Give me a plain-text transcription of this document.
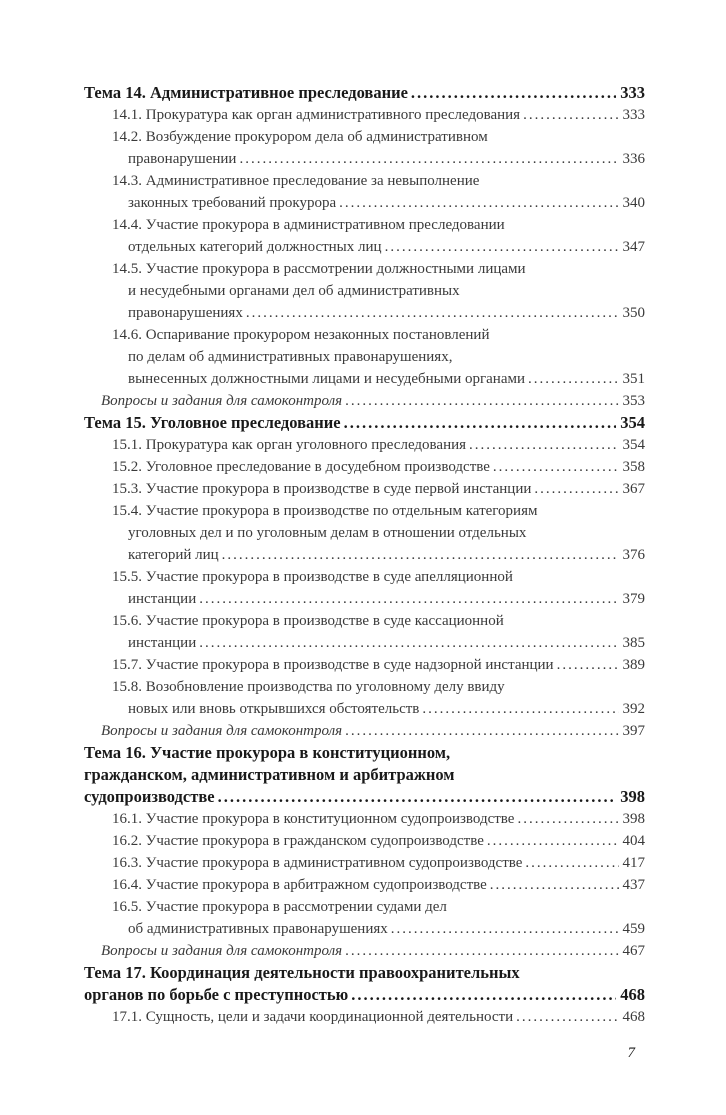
Тема 14. Административное преследование .....	333
14.1. Прокуратура как орган административного преследования .....	333
14.2. Возбуждение прокурором дела об административном
правонарушении .....	336
14.3. Административное преследование за невыполнение
законных требований прокурора .....	340
14.4. Участие прокурора в административном преследовании
отдельных категорий должностных лиц .....	347
14.5. Участие прокурора в рассмотрении должностными лицами
и несудебными органами дел об административных
правонарушениях .....	350
14.6. Оспаривание прокурором незаконных постановлений
по делам об административных правонарушениях,
вынесенных должностными лицами и несудебными органами .....	351
Вопросы и задания для самоконтроля .....	353
Тема 15. Уголовное преследование .....	354
15.1. Прокуратура как орган уголовного преследования .....	354
15.2. Уголовное преследование в досудебном производстве .....	358
15.3. Участие прокурора в производстве в суде первой инстанции .....	367
15.4. Участие прокурора в производстве по отдельным категориям
уголовных дел и по уголовным делам в отношении отдельных
категорий лиц .....	376
15.5. Участие прокурора в производстве в суде апелляционной
инстанции .....	379
15.6. Участие прокурора в производстве в суде кассационной
инстанции .....	385
15.7. Участие прокурора в производстве в суде надзорной инстанции .....	389
15.8. Возобновление производства по уголовному делу ввиду
новых или вновь открывшихся обстоятельств .....	392
Вопросы и задания для самоконтроля .....	397
Тема 16. Участие прокурора в конституционном,
гражданском, административном и арбитражном
судопроизводстве .....	398
16.1. Участие прокурора в конституционном судопроизводстве .....	398
16.2. Участие прокурора в гражданском судопроизводстве .....	404
16.3. Участие прокурора в административном судопроизводстве .....	417
16.4. Участие прокурора в арбитражном судопроизводстве .....	437
16.5. Участие прокурора в рассмотрении судами дел
об административных правонарушениях .....	459
Вопросы и задания для самоконтроля .....	467
Тема 17. Координация деятельности правоохранительных
органов по борьбе с преступностью .....	468
17.1. Сущность, цели и задачи координационной деятельности .....	468
7
